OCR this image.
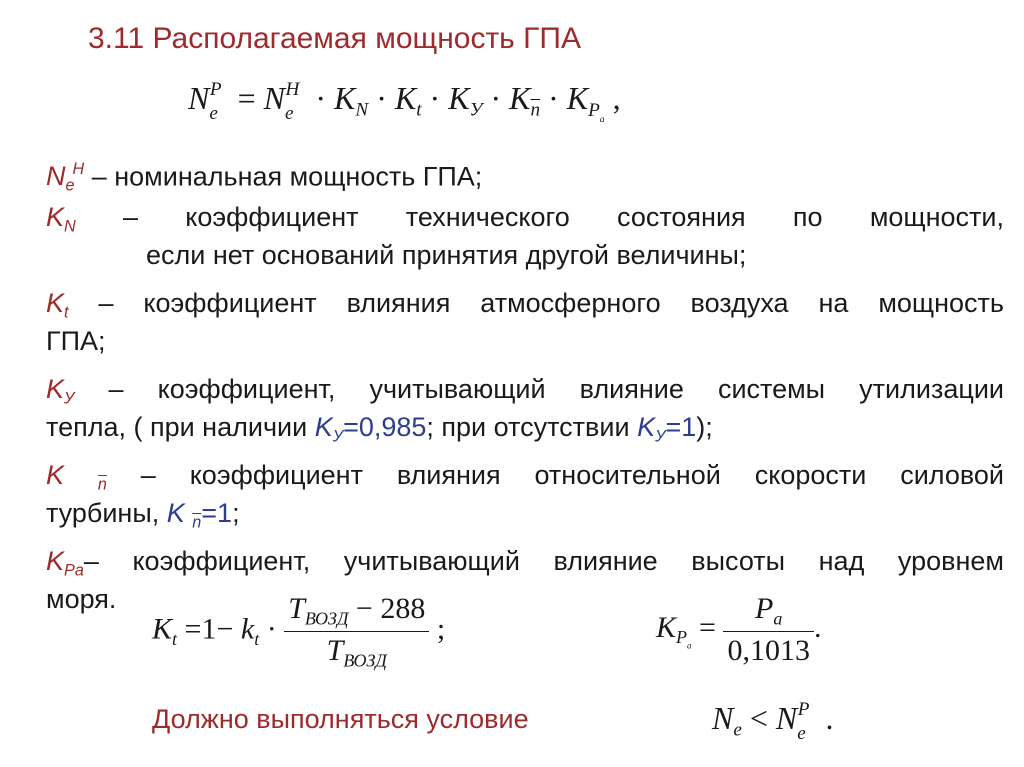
3.11 Располагаемая мощность ГПА
$N_e^P = N_e^H \cdot K_N \cdot K_t \cdot K_У \cdot K_{\overline{n}} \cdot K_{P_a}$ ,
$N_e^H$ – номинальная мощность ГПА;
$K_N$ – коэффициент технического состояния по мощности,
если нет оснований принятия другой величины;
$K_t$ – коэффициент влияния атмосферного воздуха на мощность
ГПА;
$K_У$ – коэффициент, учитывающий влияние системы утилизации
тепла, ( при наличии $K_У=0,985$; при отсутствии $K_У=1$);
K $_{\overline{n}}$ – коэффициент влияния относительной скорости силовой
турбины, K $_{\overline{n}}$=1;
$K_{Pa}-$ коэффициент, учитывающий влияние высоты над уровнем
моря.
$K_t =1- k_t \cdot \frac{T_{ВОЗД} - 288}{T_{ВОЗД}}$ ;	$K_{P_a} = \frac{P_a}{0,1013}$ .
Должно выполняться условие	$N_e < N_e^P$ .
